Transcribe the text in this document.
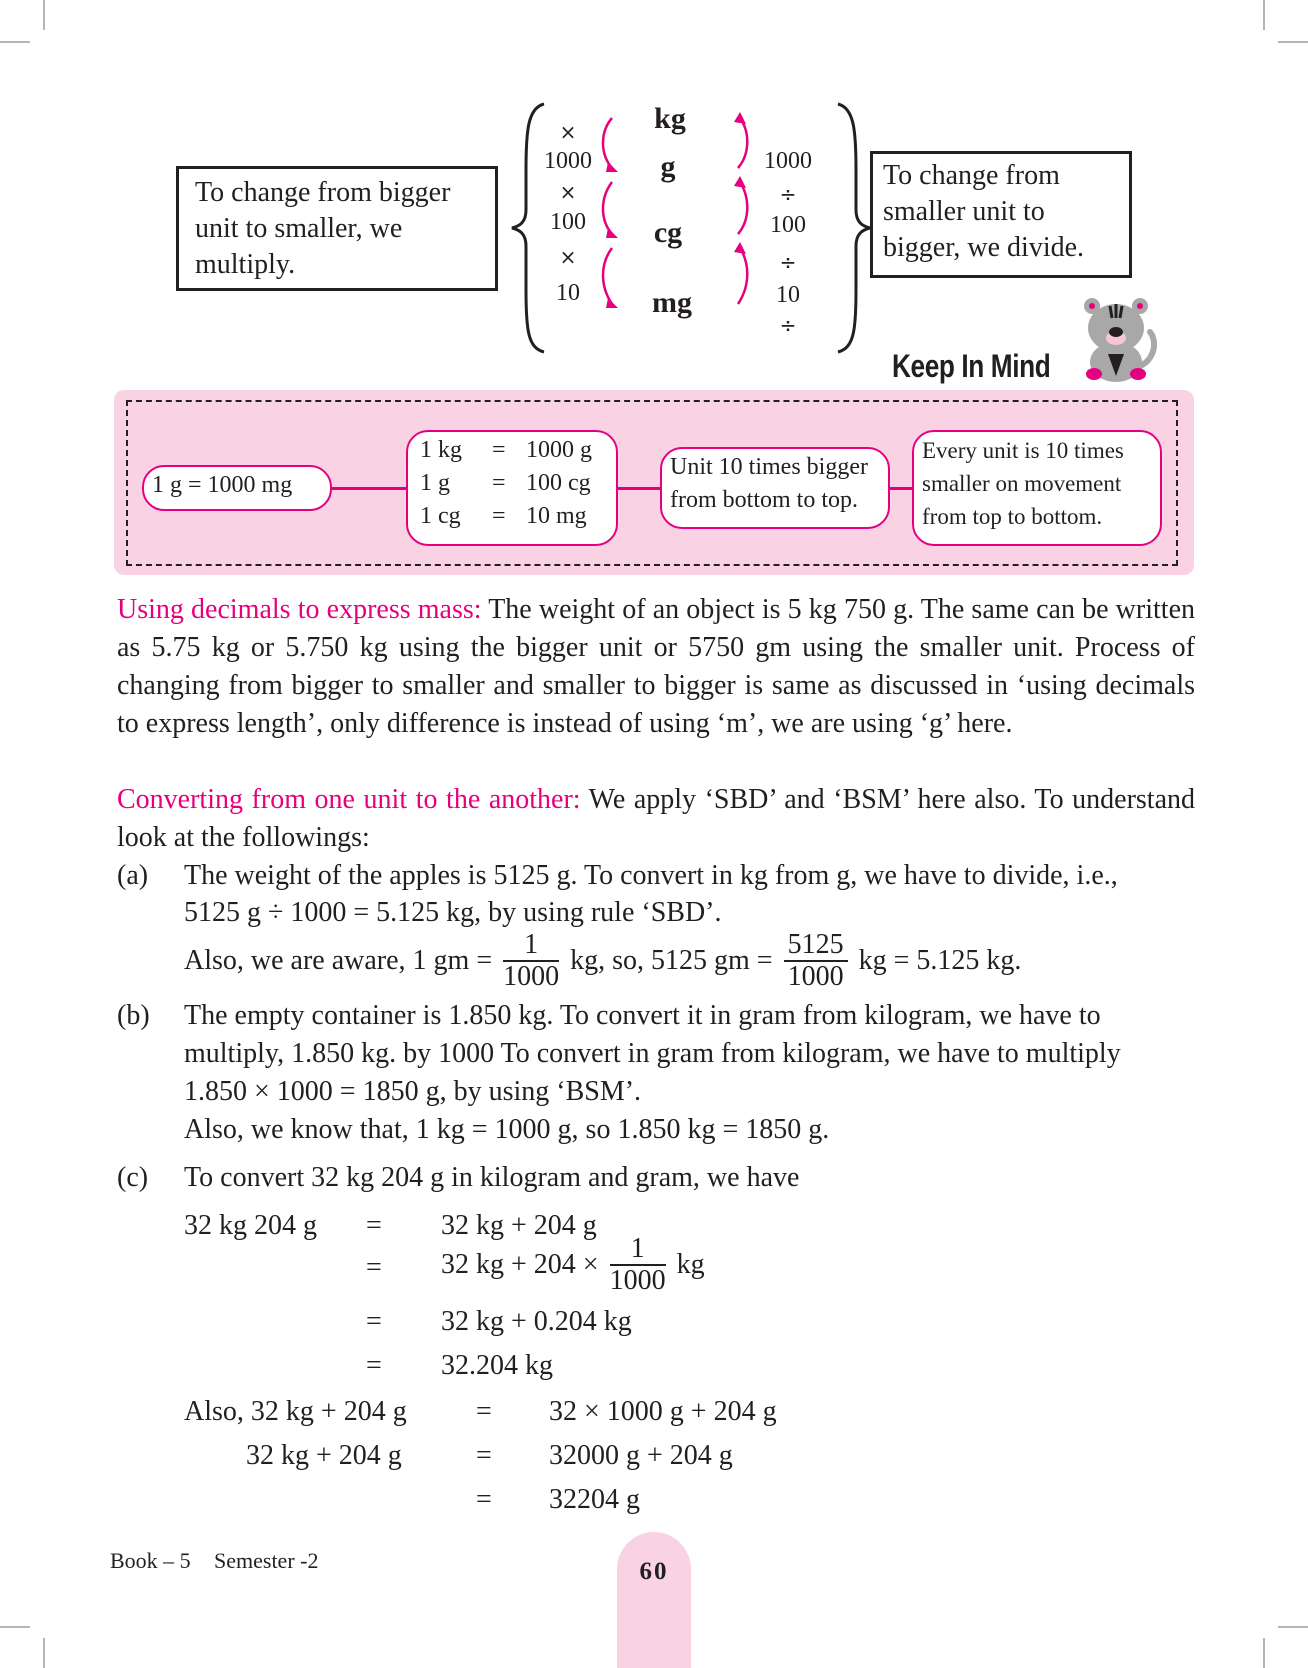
To change from bigger unit to smaller, we multiply.
×
1000
×
100
×
10
kg
g
cg
mg
1000
÷
100
÷
10
÷
To change from smaller unit to bigger, we divide.
Keep In Mind
1 g = 1000 mg
1 kg	=	1000 g
1 g	=	100 cg
1 cg	=	10 mg
Unit 10 times bigger
from bottom to top.
Every unit is 10 times
smaller on movement
from top to bottom.
Using decimals to express mass: The weight of an object is 5 kg 750 g. The same can be written as 5.75 kg or 5.750 kg using the bigger unit or 5750 gm using the smaller unit. Process of changing from bigger to smaller and smaller to bigger is same as discussed in ‘using decimals to express length’, only difference is instead of using ‘m’, we are using ‘g’ here.
Converting from one unit to the another: We apply ‘SBD’ and ‘BSM’ here also. To understand look at the followings:
(a) The weight of the apples is 5125 g. To convert in kg from g, we have to divide, i.e.,
5125 g ÷ 1000 = 5.125 kg, by using rule ‘SBD’.
Also, we are aware, 1 gm = $\frac{1}{1000}$ kg, so, 5125 gm = $\frac{5125}{1000}$ kg = 5.125 kg.
(b) The empty container is 1.850 kg. To convert it in gram from kilogram, we have to
multiply, 1.850 kg. by 1000 To convert in gram from kilogram, we have to multiply
1.850 × 1000 = 1850 g, by using ‘BSM’.
Also, we know that, 1 kg = 1000 g, so 1.850 kg = 1850 g.
(c) To convert 32 kg 204 g in kilogram and gram, we have
32 kg 204 g = 32 kg + 204 g
= 32 kg + $204 \times \frac{1}{1000}$ kg
= 32 kg + 0.204 kg
= 32.204 kg
Also, 32 kg + 204 g = 32 × 1000 g + 204 g
32 kg + 204 g	= 32000 g + 204 g
= 32204 g
Book – 5 Semester -2	60
